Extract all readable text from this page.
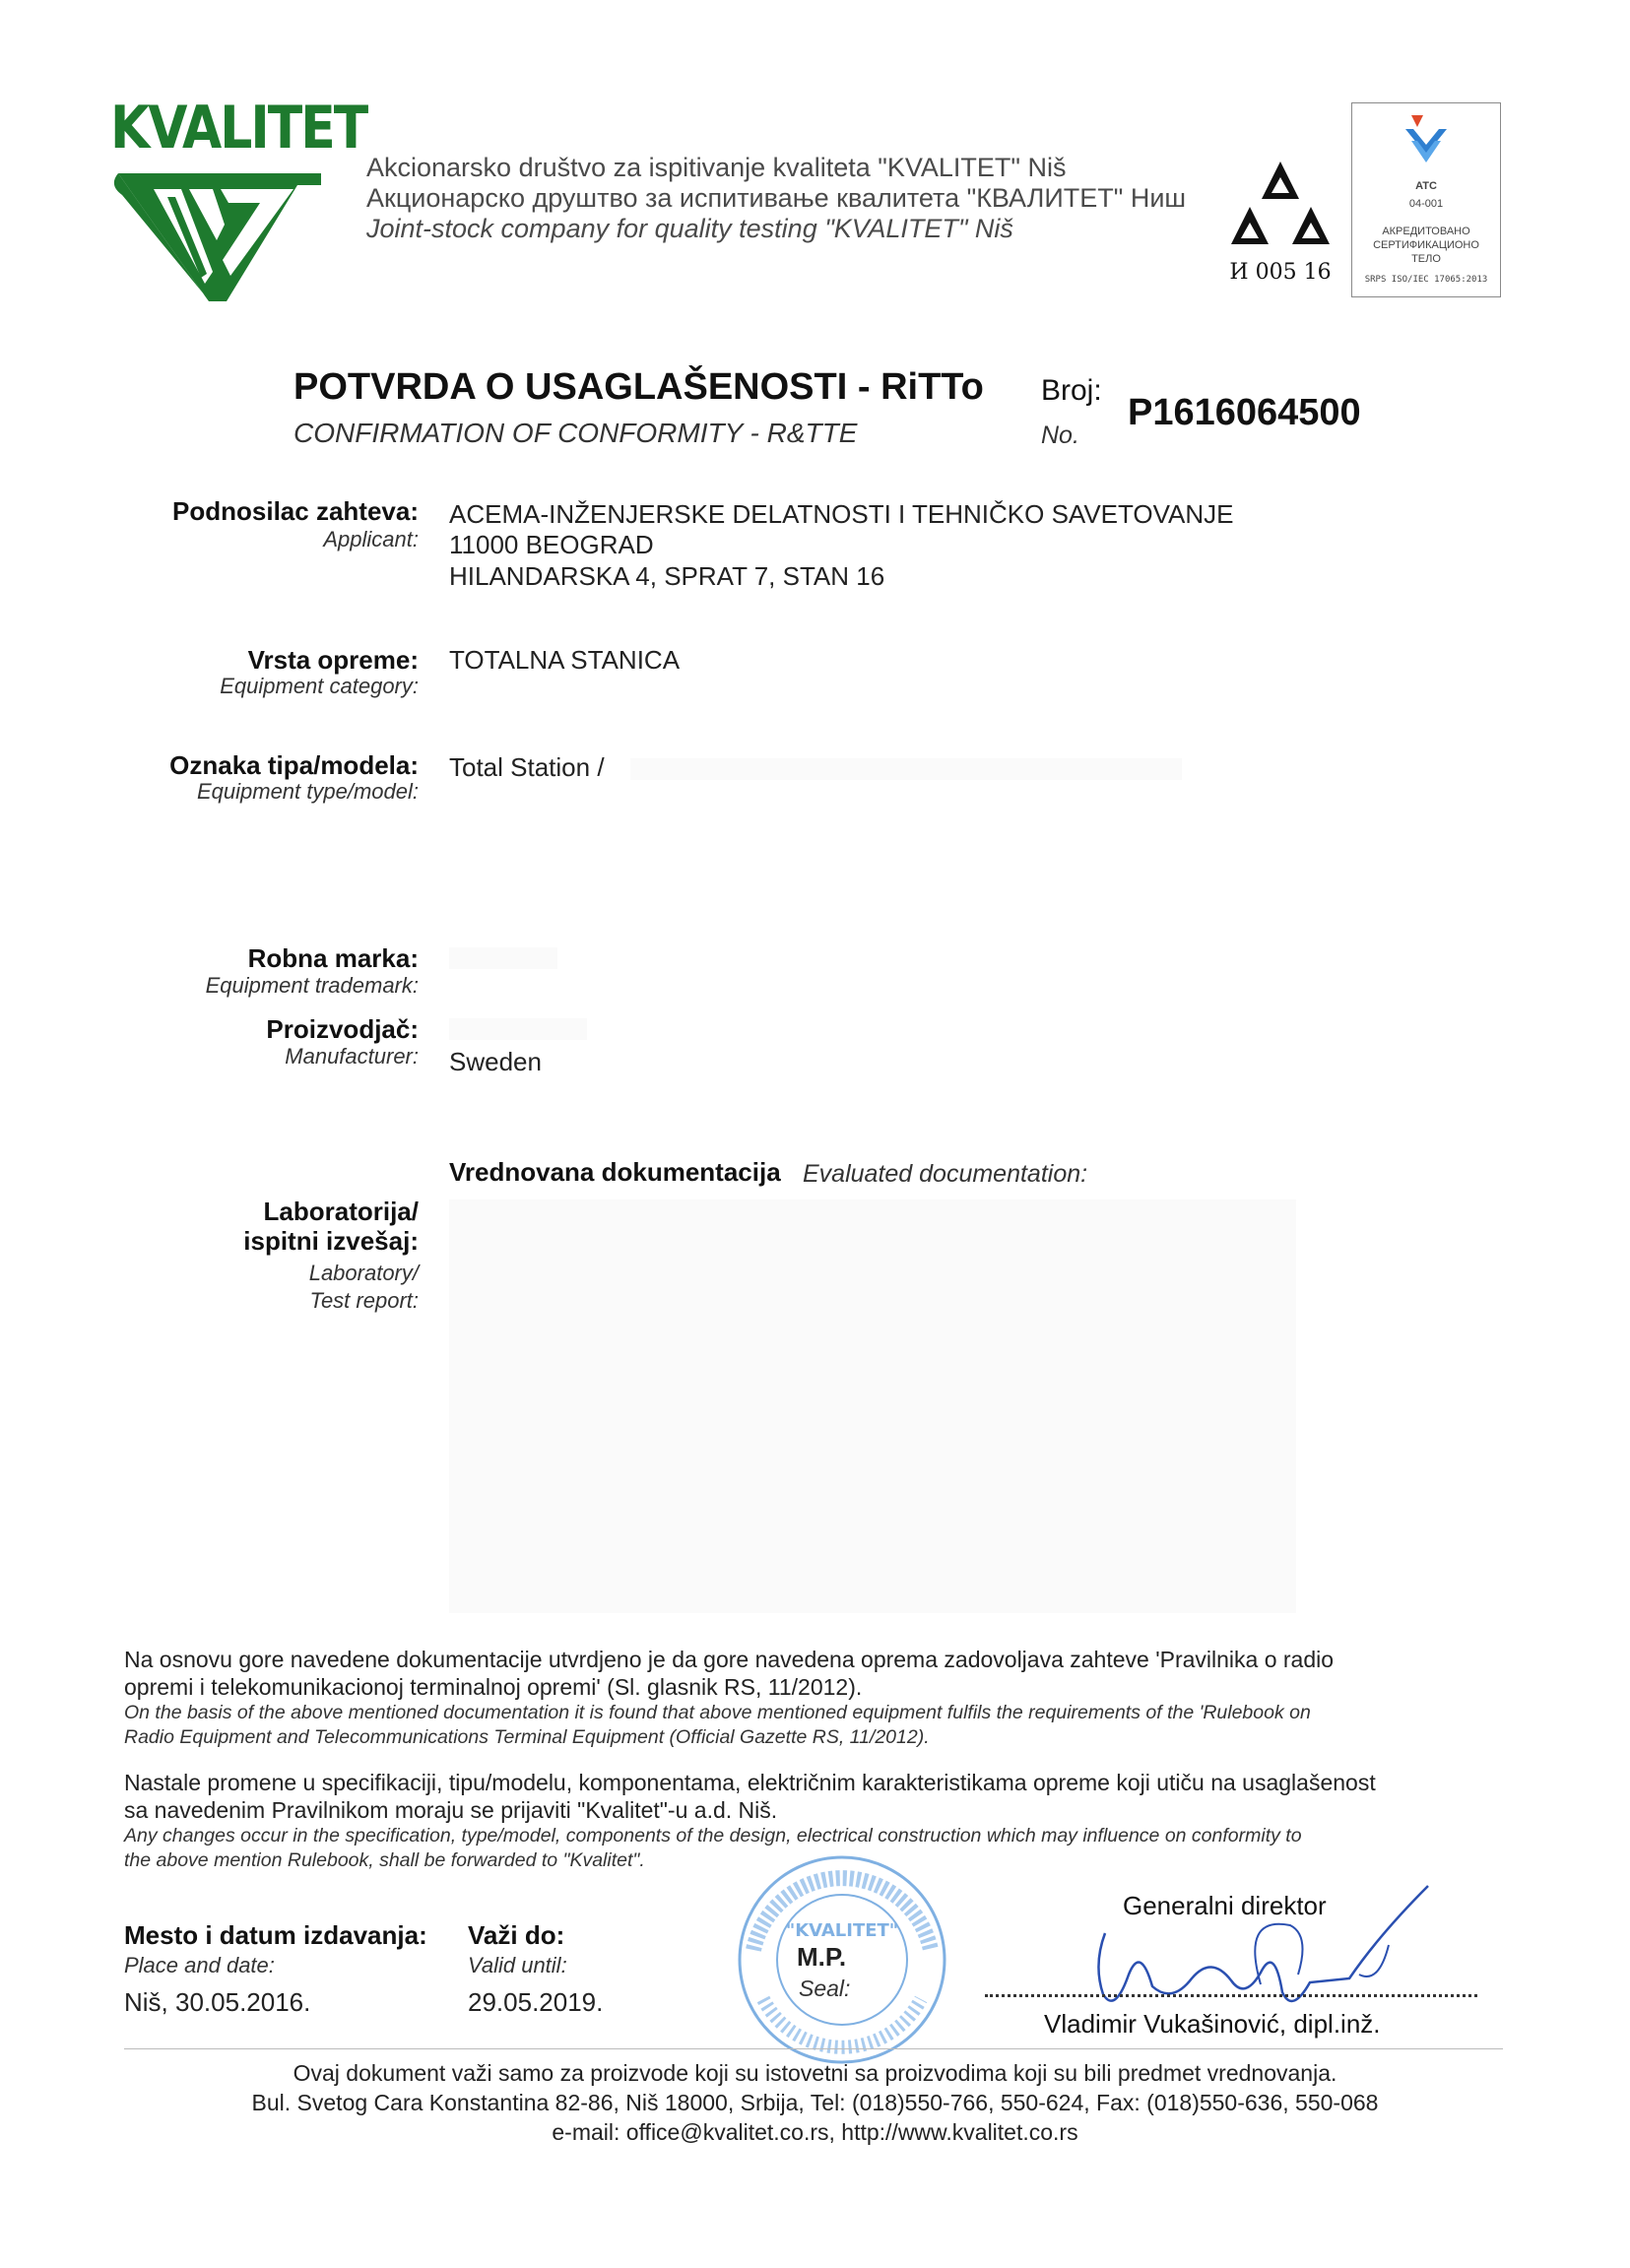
KVALITET
Akcionarsko društvo za ispitivanje kvaliteta "KVALITET" Niš
Акционарско друштво за испитивање квалитета "КВАЛИТЕТ" Ниш
Joint-stock company for quality testing "KVALITET" Niš
И 005 16
ATC
04-001
АКРЕДИТОВАНО
СЕРТИФИКАЦИОНО
ТЕЛО
SRPS ISO/IEC 17065:2013
POTVRDA O USAGLAŠENOSTI - RiTTo
CONFIRMATION OF CONFORMITY - R&TTE
Broj:
No.
P1616064500
Podnosilac zahteva:
Applicant:
ACEMA-INŽENJERSKE DELATNOSTI I TEHNIČKO SAVETOVANJE
11000 BEOGRAD
HILANDARSKA 4, SPRAT 7, STAN 16
Vrsta opreme:
Equipment category:
TOTALNA STANICA
Oznaka tipa/modela:
Equipment type/model:
Total Station /
Robna marka:
Equipment trademark:
Proizvodjač:
Manufacturer: Sweden
Vrednovana dokumentacija Evaluated documentation:
Laboratorija/
ispitni izvešaj:
Laboratory/
Test report:
Na osnovu gore navedene dokumentacije utvrdjeno je da gore navedena oprema zadovoljava zahteve 'Pravilnika o radio
opremi i telekomunikacionoj terminalnoj opremi' (Sl. glasnik RS, 11/2012).
On the basis of the above mentioned documentation it is found that above mentioned equipment fulfils the requirements of the 'Rulebook on
Radio Equipment and Telecommunications Terminal Equipment (Official Gazette RS, 11/2012).
Nastale promene u specifikaciji, tipu/modelu, komponentama, električnim karakteristikama opreme koji utiču na usaglašenost
sa navedenim Pravilnikom moraju se prijaviti "Kvalitet"-u a.d. Niš.
Any changes occur in the specification, type/model, components of the design, electrical construction which may influence on conformity to
the above mention Rulebook, shall be forwarded to "Kvalitet".
"KVALITET"
M.P.
Seal:
Mesto i datum izdavanja:
Place and date:
Niš, 30.05.2016.
Važi do:
Valid until:
29.05.2019.
Generalni direktor
Vladimir Vukašinović, dipl.inž.
Ovaj dokument važi samo za proizvode koji su istovetni sa proizvodima koji su bili predmet vrednovanja.
Bul. Svetog Cara Konstantina 82-86, Niš 18000, Srbija, Tel: (018)550-766, 550-624, Fax: (018)550-636, 550-068
e-mail: office@kvalitet.co.rs, http://www.kvalitet.co.rs
